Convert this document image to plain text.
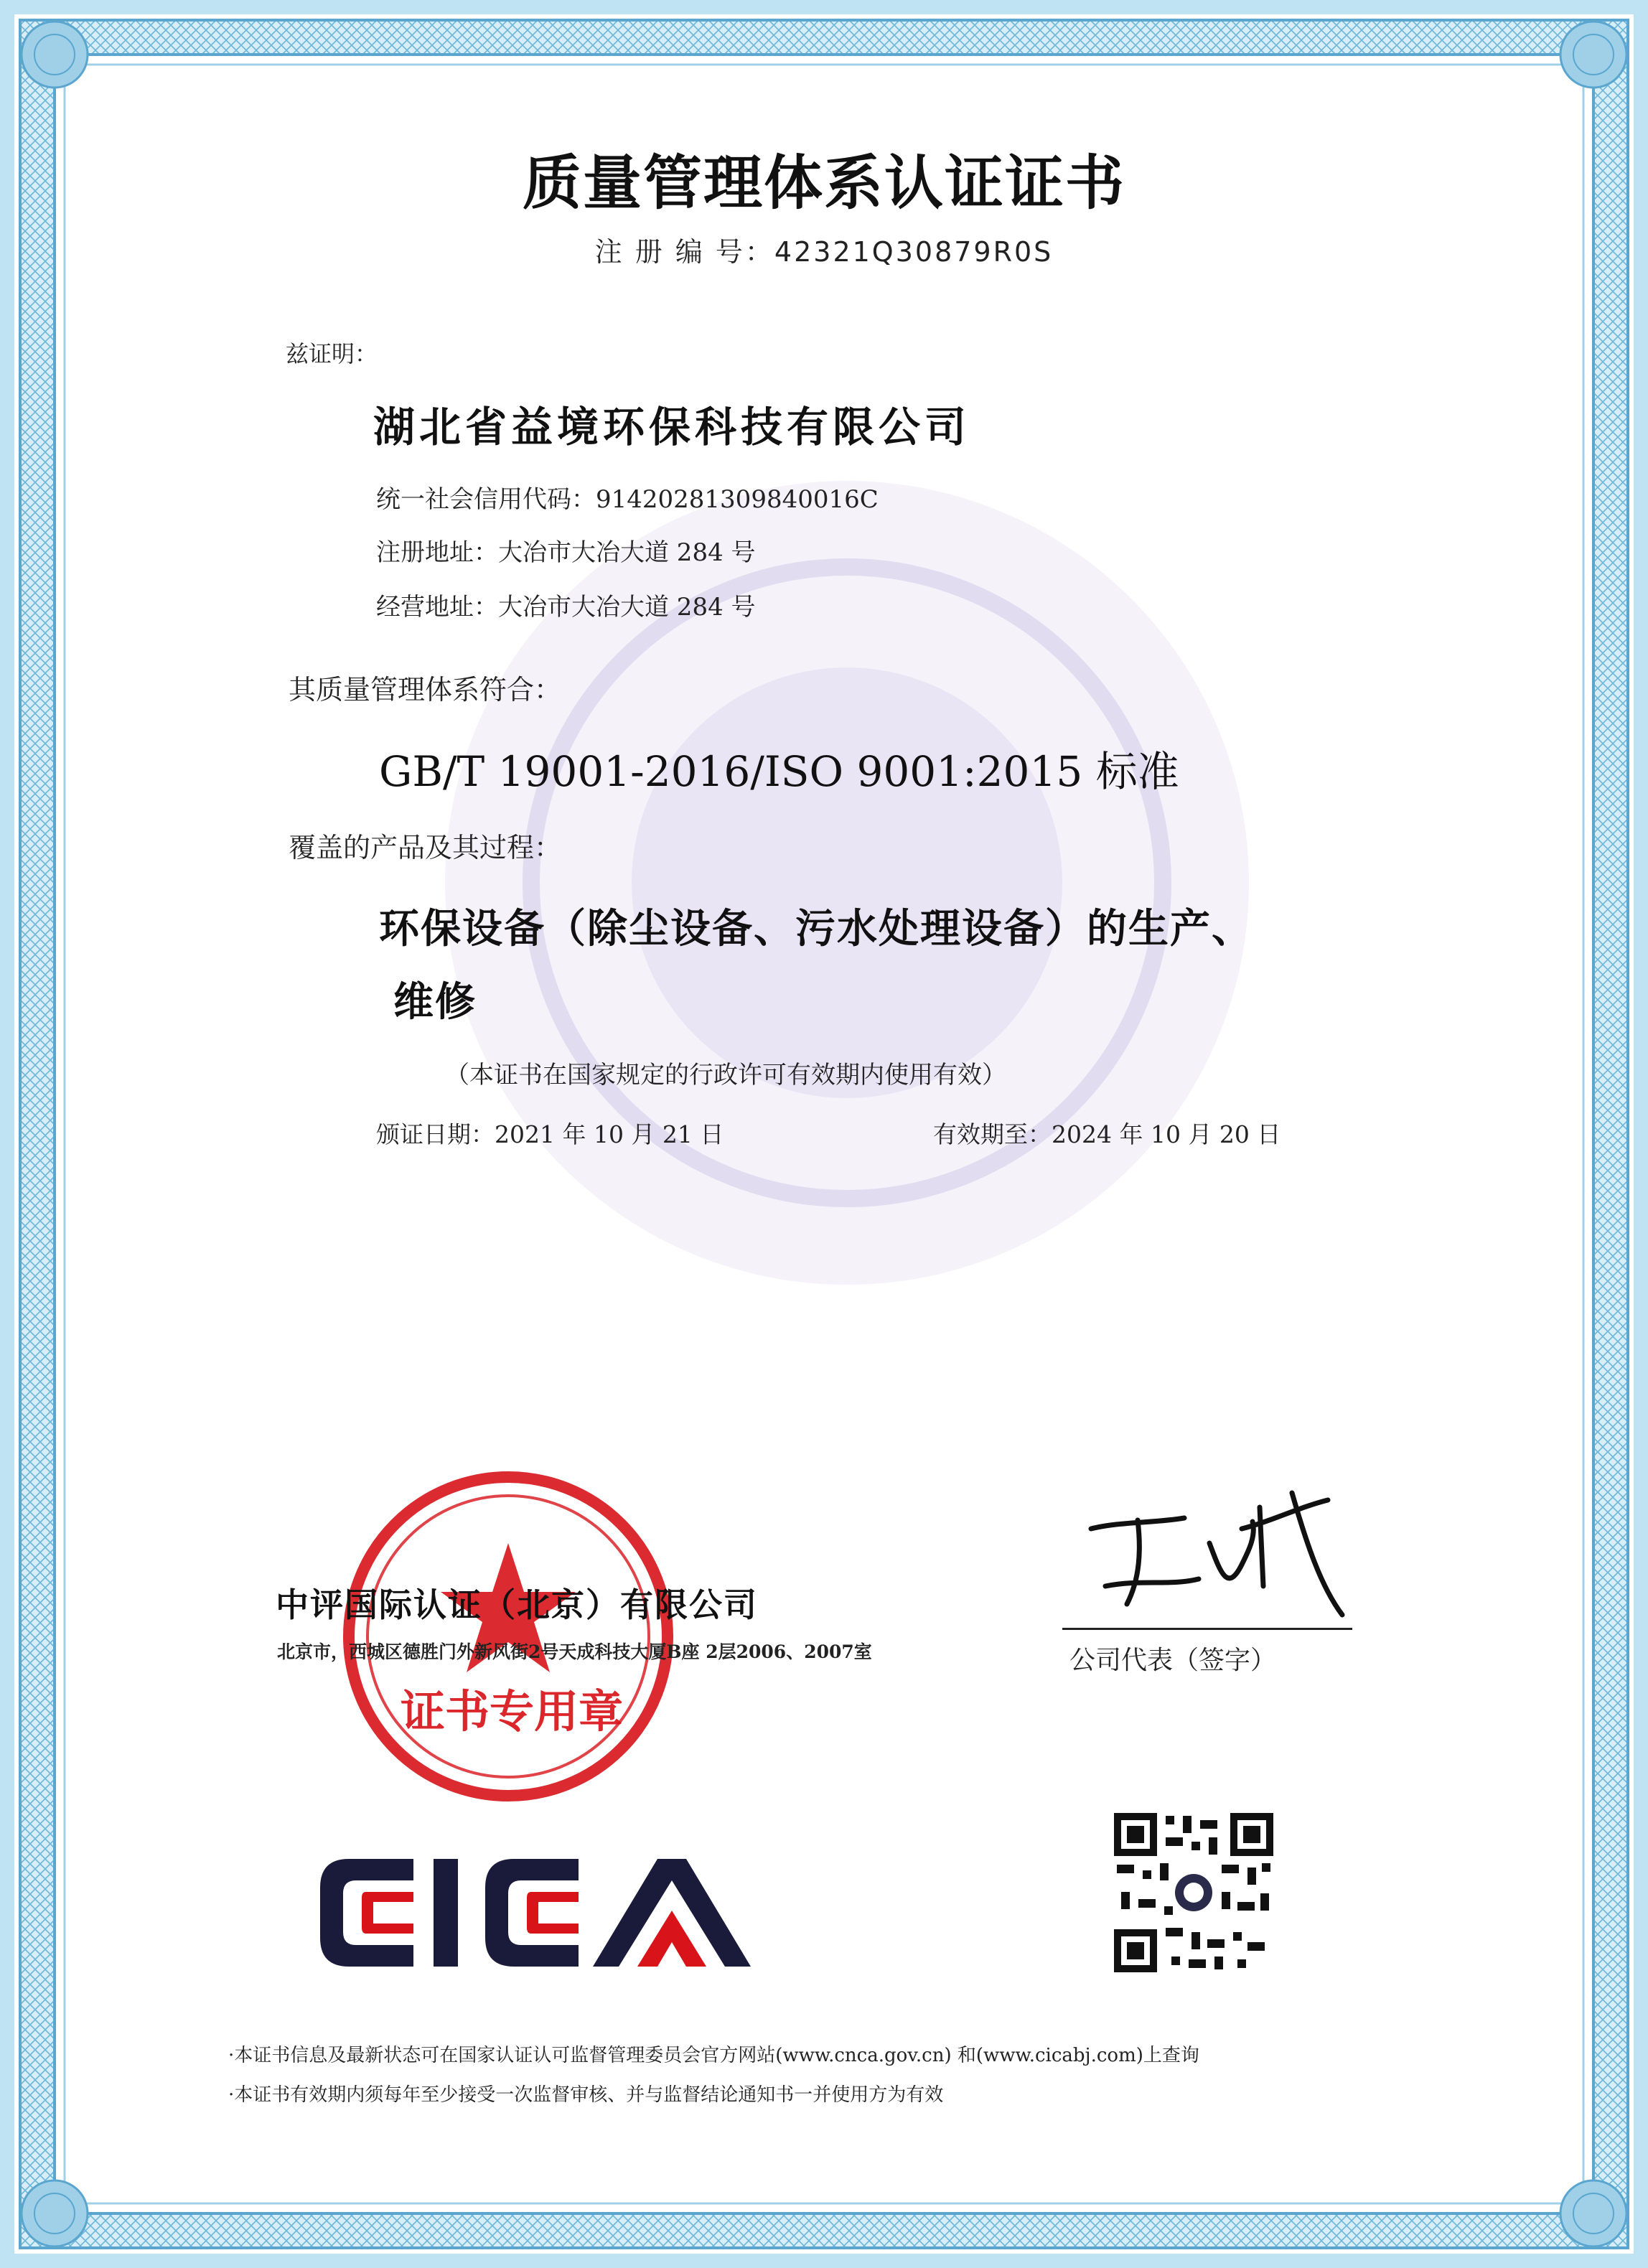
质量管理体系认证证书
注 册 编 号：42321Q30879R0S
兹证明：
湖北省益境环保科技有限公司
统一社会信用代码：91420281309840016C
注册地址：大冶市大冶大道 284 号
经营地址：大冶市大冶大道 284 号
其质量管理体系符合：
GB/T 19001-2016/ISO 9001:2015 标准
覆盖的产品及其过程：
环保设备（除尘设备、污水处理设备）的生产、
维修
（本证书在国家规定的行政许可有效期内使用有效）
颁证日期：2021 年 10 月 21 日	有效期至：2024 年 10 月 20 日
证书专用章
中评国际认证（北京）有限公司
北京市，西城区德胜门外新风街2号天成科技大厦B座 2层2006、2007室	公司代表（签字）
·本证书信息及最新状态可在国家认证认可监督管理委员会官方网站(www.cnca.gov.cn) 和(www.cicabj.com)上查询
·本证书有效期内须每年至少接受一次监督审核、并与监督结论通知书一并使用方为有效
